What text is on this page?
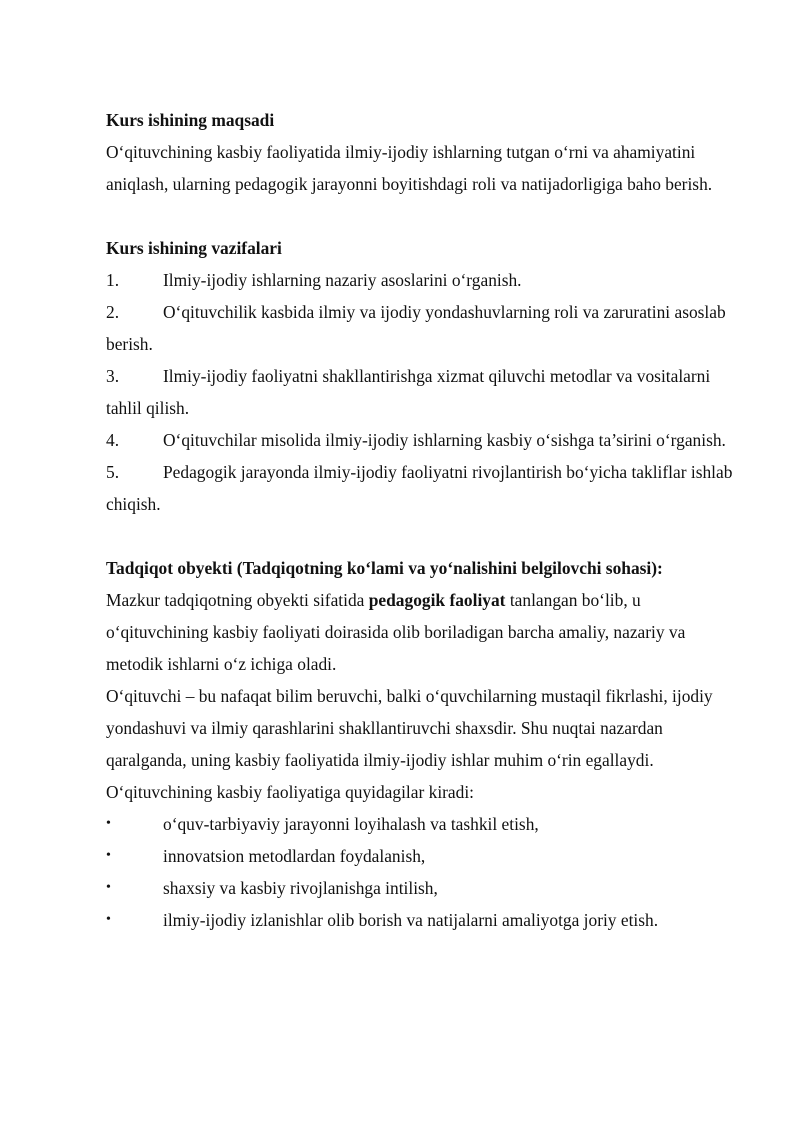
Kurs ishining maqsadi

O‘qituvchining kasbiy faoliyatida ilmiy-ijodiy ishlarning tutgan o‘rni va ahamiyatini aniqlash, ularning pedagogik jarayonni boyitishdagi roli va natijadorligiga baho berish.

Kurs ishining vazifalari

1.	Ilmiy-ijodiy ishlarning nazariy asoslarini o‘rganish.

2.	O‘qituvchilik kasbida ilmiy va ijodiy yondashuvlarning roli va zaruratini asoslab berish.

3.	Ilmiy-ijodiy faoliyatni shakllantirishga xizmat qiluvchi metodlar va vositalarni tahlil qilish.

4.	O‘qituvchilar misolida ilmiy-ijodiy ishlarning kasbiy o‘sishga ta’sirini o‘rganish.

5.	Pedagogik jarayonda ilmiy-ijodiy faoliyatni rivojlantirish bo‘yicha takliflar ishlab chiqish.

Tadqiqot obyekti (Tadqiqotning ko‘lami va yo‘nalishini belgilovchi sohasi):

Mazkur tadqiqotning obyekti sifatida pedagogik faoliyat tanlangan bo‘lib, u o‘qituvchining kasbiy faoliyati doirasida olib boriladigan barcha amaliy, nazariy va metodik ishlarni o‘z ichiga oladi.

O‘qituvchi – bu nafaqat bilim beruvchi, balki o‘quvchilarning mustaqil fikrlashi, ijodiy yondashuvi va ilmiy qarashlarini shakllantiruvchi shaxsdir. Shu nuqtai nazardan qaralganda, uning kasbiy faoliyatida ilmiy-ijodiy ishlar muhim o‘rin egallaydi. O‘qituvchining kasbiy faoliyatiga quyidagilar kiradi:

•	o‘quv-tarbiyaviy jarayonni loyihalash va tashkil etish,

•	innovatsion metodlardan foydalanish,

•	shaxsiy va kasbiy rivojlanishga intilish,

•	ilmiy-ijodiy izlanishlar olib borish va natijalarni amaliyotga joriy etish.
